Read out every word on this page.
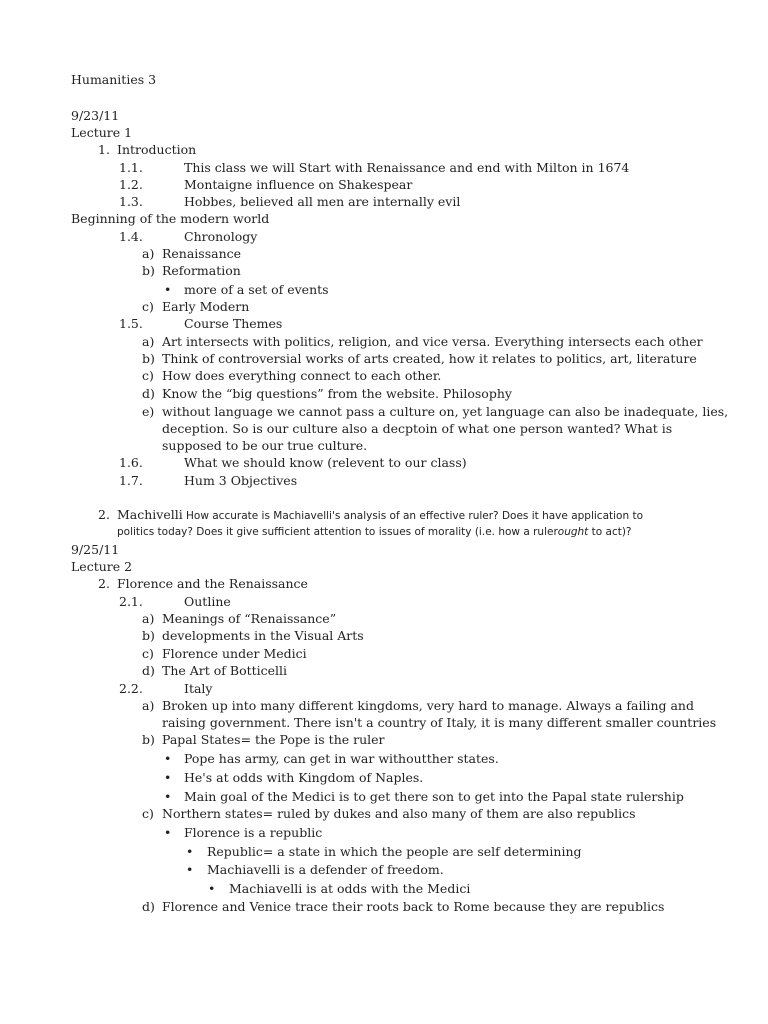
Humanities 3
9/23/11
Lecture 1
1. Introduction
1.1.	This class we will Start with Renaissance and end with Milton in 1674
1.2.	Montaigne influence on Shakespear
1.3.	Hobbes, believed all men are internally evil
Beginning of the modern world
1.4.	Chronology
a) Renaissance
b) Reformation
• more of a set of events
c) Early Modern
1.5.	Course Themes
a) Art intersects with politics, religion, and vice versa. Everything intersects each other
b) Think of controversial works of arts created, how it relates to politics, art, literature
c) How does everything connect to each other.
d) Know the “big questions” from the website. Philosophy
e) without language we cannot pass a culture on, yet language can also be inadequate, lies,
deception. So is our culture also a decptoin of what one person wanted? What is
supposed to be our true culture.
1.6.	What we should know (relevent to our class)
1.7.	Hum 3 Objectives
2. Machivelli How accurate is Machiavelli's analysis of an effective ruler? Does it have application to
politics today? Does it give sufficient attention to issues of morality (i.e. how a rulerought to act)?
9/25/11
Lecture 2
2. Florence and the Renaissance
2.1.	Outline
a) Meanings of “Renaissance”
b) developments in the Visual Arts
c) Florence under Medici
d) The Art of Botticelli
2.2.	Italy
a) Broken up into many different kingdoms, very hard to manage. Always a failing and
raising government. There isn't a country of Italy, it is many different smaller countries
b) Papal States= the Pope is the ruler
• Pope has army, can get in war withoutther states.
• He's at odds with Kingdom of Naples.
• Main goal of the Medici is to get there son to get into the Papal state rulership
c) Northern states= ruled by dukes and also many of them are also republics
• Florence is a republic
• Republic= a state in which the people are self determining
• Machiavelli is a defender of freedom.
• Machiavelli is at odds with the Medici
d) Florence and Venice trace their roots back to Rome because they are republics
